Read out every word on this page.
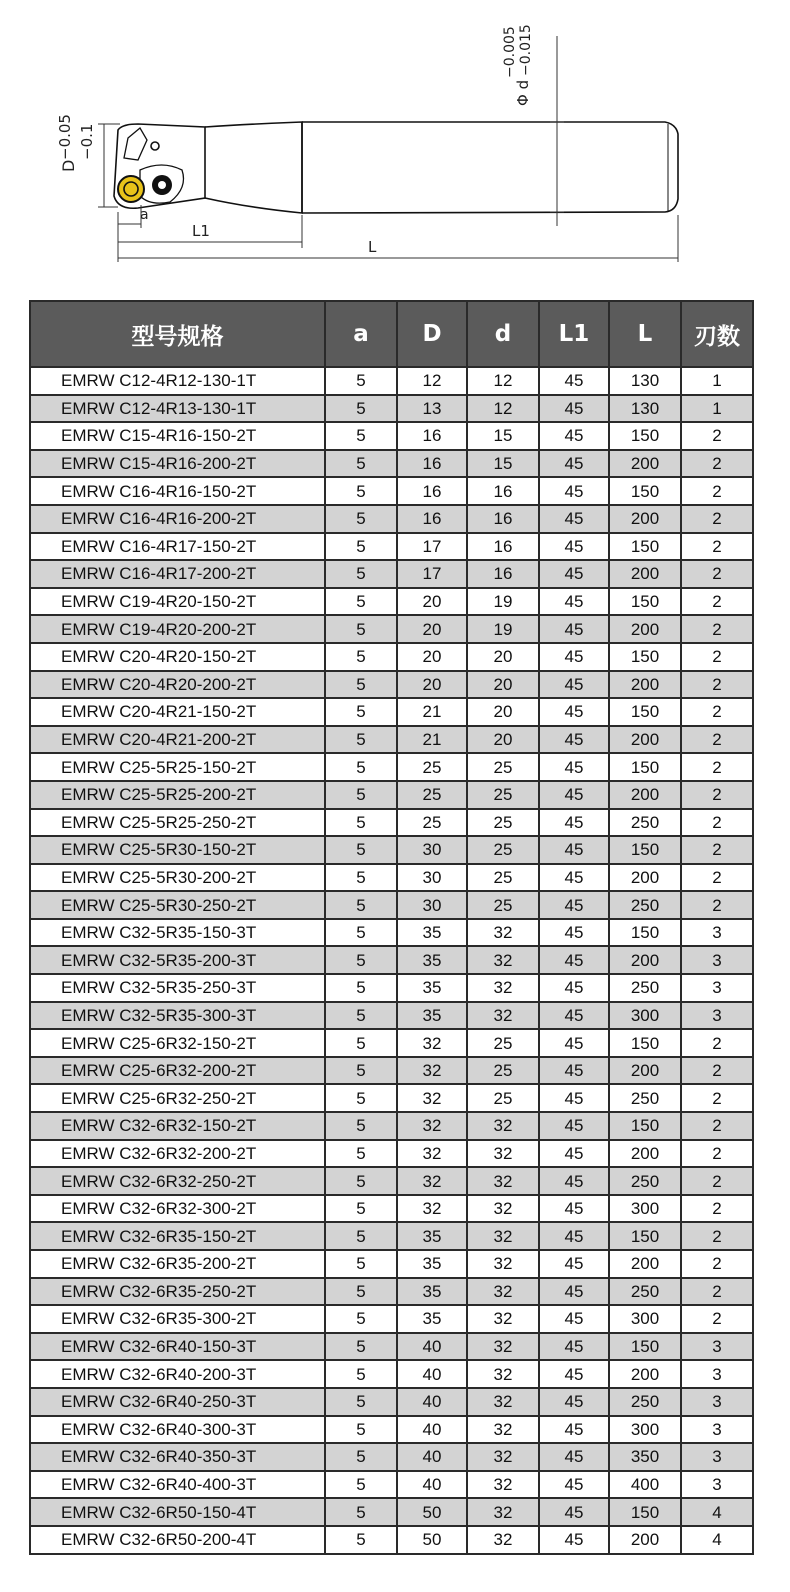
a
L1
L
D
−0.05 −0.1
Φ d
−0.005 −0.015
型号规格	a	D	d	L1	L	刃数
EMRW C12-4R12-130-1T	5	12	12	45	130	1
EMRW C12-4R13-130-1T	5	13	12	45	130	1
EMRW C15-4R16-150-2T	5	16	15	45	150	2
EMRW C15-4R16-200-2T	5	16	15	45	200	2
EMRW C16-4R16-150-2T	5	16	16	45	150	2
EMRW C16-4R16-200-2T	5	16	16	45	200	2
EMRW C16-4R17-150-2T	5	17	16	45	150	2
EMRW C16-4R17-200-2T	5	17	16	45	200	2
EMRW C19-4R20-150-2T	5	20	19	45	150	2
EMRW C19-4R20-200-2T	5	20	19	45	200	2
EMRW C20-4R20-150-2T	5	20	20	45	150	2
EMRW C20-4R20-200-2T	5	20	20	45	200	2
EMRW C20-4R21-150-2T	5	21	20	45	150	2
EMRW C20-4R21-200-2T	5	21	20	45	200	2
EMRW C25-5R25-150-2T	5	25	25	45	150	2
EMRW C25-5R25-200-2T	5	25	25	45	200	2
EMRW C25-5R25-250-2T	5	25	25	45	250	2
EMRW C25-5R30-150-2T	5	30	25	45	150	2
EMRW C25-5R30-200-2T	5	30	25	45	200	2
EMRW C25-5R30-250-2T	5	30	25	45	250	2
EMRW C32-5R35-150-3T	5	35	32	45	150	3
EMRW C32-5R35-200-3T	5	35	32	45	200	3
EMRW C32-5R35-250-3T	5	35	32	45	250	3
EMRW C32-5R35-300-3T	5	35	32	45	300	3
EMRW C25-6R32-150-2T	5	32	25	45	150	2
EMRW C25-6R32-200-2T	5	32	25	45	200	2
EMRW C25-6R32-250-2T	5	32	25	45	250	2
EMRW C32-6R32-150-2T	5	32	32	45	150	2
EMRW C32-6R32-200-2T	5	32	32	45	200	2
EMRW C32-6R32-250-2T	5	32	32	45	250	2
EMRW C32-6R32-300-2T	5	32	32	45	300	2
EMRW C32-6R35-150-2T	5	35	32	45	150	2
EMRW C32-6R35-200-2T	5	35	32	45	200	2
EMRW C32-6R35-250-2T	5	35	32	45	250	2
EMRW C32-6R35-300-2T	5	35	32	45	300	2
EMRW C32-6R40-150-3T	5	40	32	45	150	3
EMRW C32-6R40-200-3T	5	40	32	45	200	3
EMRW C32-6R40-250-3T	5	40	32	45	250	3
EMRW C32-6R40-300-3T	5	40	32	45	300	3
EMRW C32-6R40-350-3T	5	40	32	45	350	3
EMRW C32-6R40-400-3T	5	40	32	45	400	3
EMRW C32-6R50-150-4T	5	50	32	45	150	4
EMRW C32-6R50-200-4T	5	50	32	45	200	4
